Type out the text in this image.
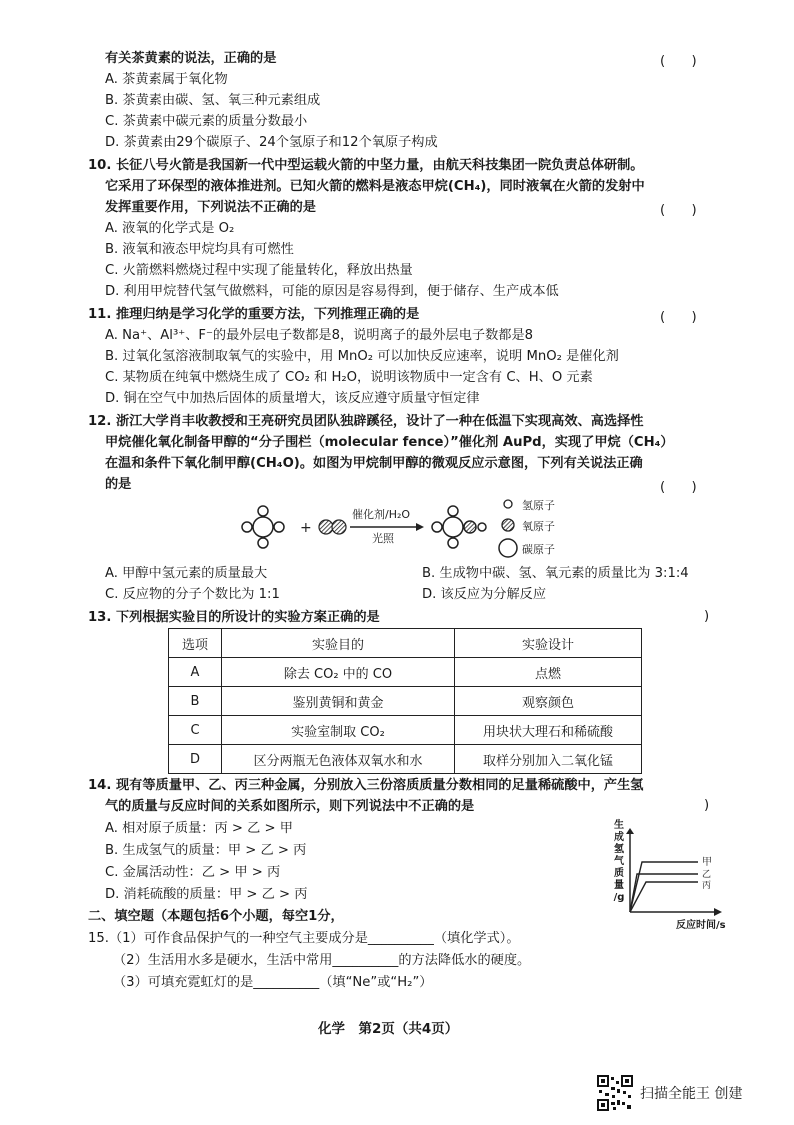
有关茶黄素的说法，正确的是	(　　)
A. 茶黄素属于氧化物
B. 茶黄素由碳、氢、氧三种元素组成
C. 茶黄素中碳元素的质量分数最小
D. 茶黄素由29个碳原子、24个氢原子和12个氧原子构成
10. 长征八号火箭是我国新一代中型运载火箭的中坚力量，由航天科技集团一院负责总体研制。
它采用了环保型的液体推进剂。已知火箭的燃料是液态甲烷(CH₄)，同时液氧在火箭的发射中
发挥重要作用，下列说法不正确的是	(　　)
A. 液氧的化学式是 O₂
B. 液氧和液态甲烷均具有可燃性
C. 火箭燃料燃烧过程中实现了能量转化，释放出热量
D. 利用甲烷替代氢气做燃料，可能的原因是容易得到，便于储存、生产成本低
11. 推理归纳是学习化学的重要方法，下列推理正确的是	(　　)
A. Na⁺、Al³⁺、F⁻的最外层电子数都是8，说明离子的最外层电子数都是8
B. 过氧化氢溶液制取氧气的实验中，用 MnO₂ 可以加快反应速率，说明 MnO₂ 是催化剂
C. 某物质在纯氧中燃烧生成了 CO₂ 和 H₂O，说明该物质中一定含有 C、H、O 元素
D. 铜在空气中加热后固体的质量增大，该反应遵守质量守恒定律
12. 浙江大学肖丰收教授和王亮研究员团队独辟蹊径，设计了一种在低温下实现高效、高选择性
甲烷催化氧化制备甲醇的“分子围栏（molecular fence）”催化剂 AuPd，实现了甲烷（CH₄）
在温和条件下氧化制甲醇(CH₄O)。如图为甲烷制甲醇的微观反应示意图，下列有关说法正确
的是	(　　)
+
催化剂/H₂O
光照
氢原子
氧原子
碳原子
A. 甲醇中氢元素的质量最大	B. 生成物中碳、氢、氧元素的质量比为 3:1:4
C. 反应物的分子个数比为 1:1	D. 该反应为分解反应
13. 下列根据实验目的所设计的实验方案正确的是	)
选项	实验目的	实验设计
A	除去 CO₂ 中的 CO	点燃
B	鉴别黄铜和黄金	观察颜色
C	实验室制取 CO₂	用块状大理石和稀硫酸
D	区分两瓶无色液体双氧水和水	取样分别加入二氧化锰
14. 现有等质量甲、乙、丙三种金属，分别放入三份溶质质量分数相同的足量稀硫酸中，产生氢
气的质量与反应时间的关系如图所示，则下列说法中不正确的是	)
A. 相对原子质量：丙 > 乙 > 甲
B. 生成氢气的质量：甲 > 乙 > 丙
C. 金属活动性：乙 > 甲 > 丙
D. 消耗硫酸的质量：甲 > 乙 > 丙
生
成
氢
气
质
量
/g
甲
乙
丙
反应时间/s
二、填空题（本题包括6个小题，每空1分，
15.（1）可作食品保护气的一种空气主要成分是__________（填化学式）。
（2）生活用水多是硬水，生活中常用__________的方法降低水的硬度。
（3）可填充霓虹灯的是__________（填“Ne”或“H₂”）
化学　第2页（共4页）
扫描全能王 创建
